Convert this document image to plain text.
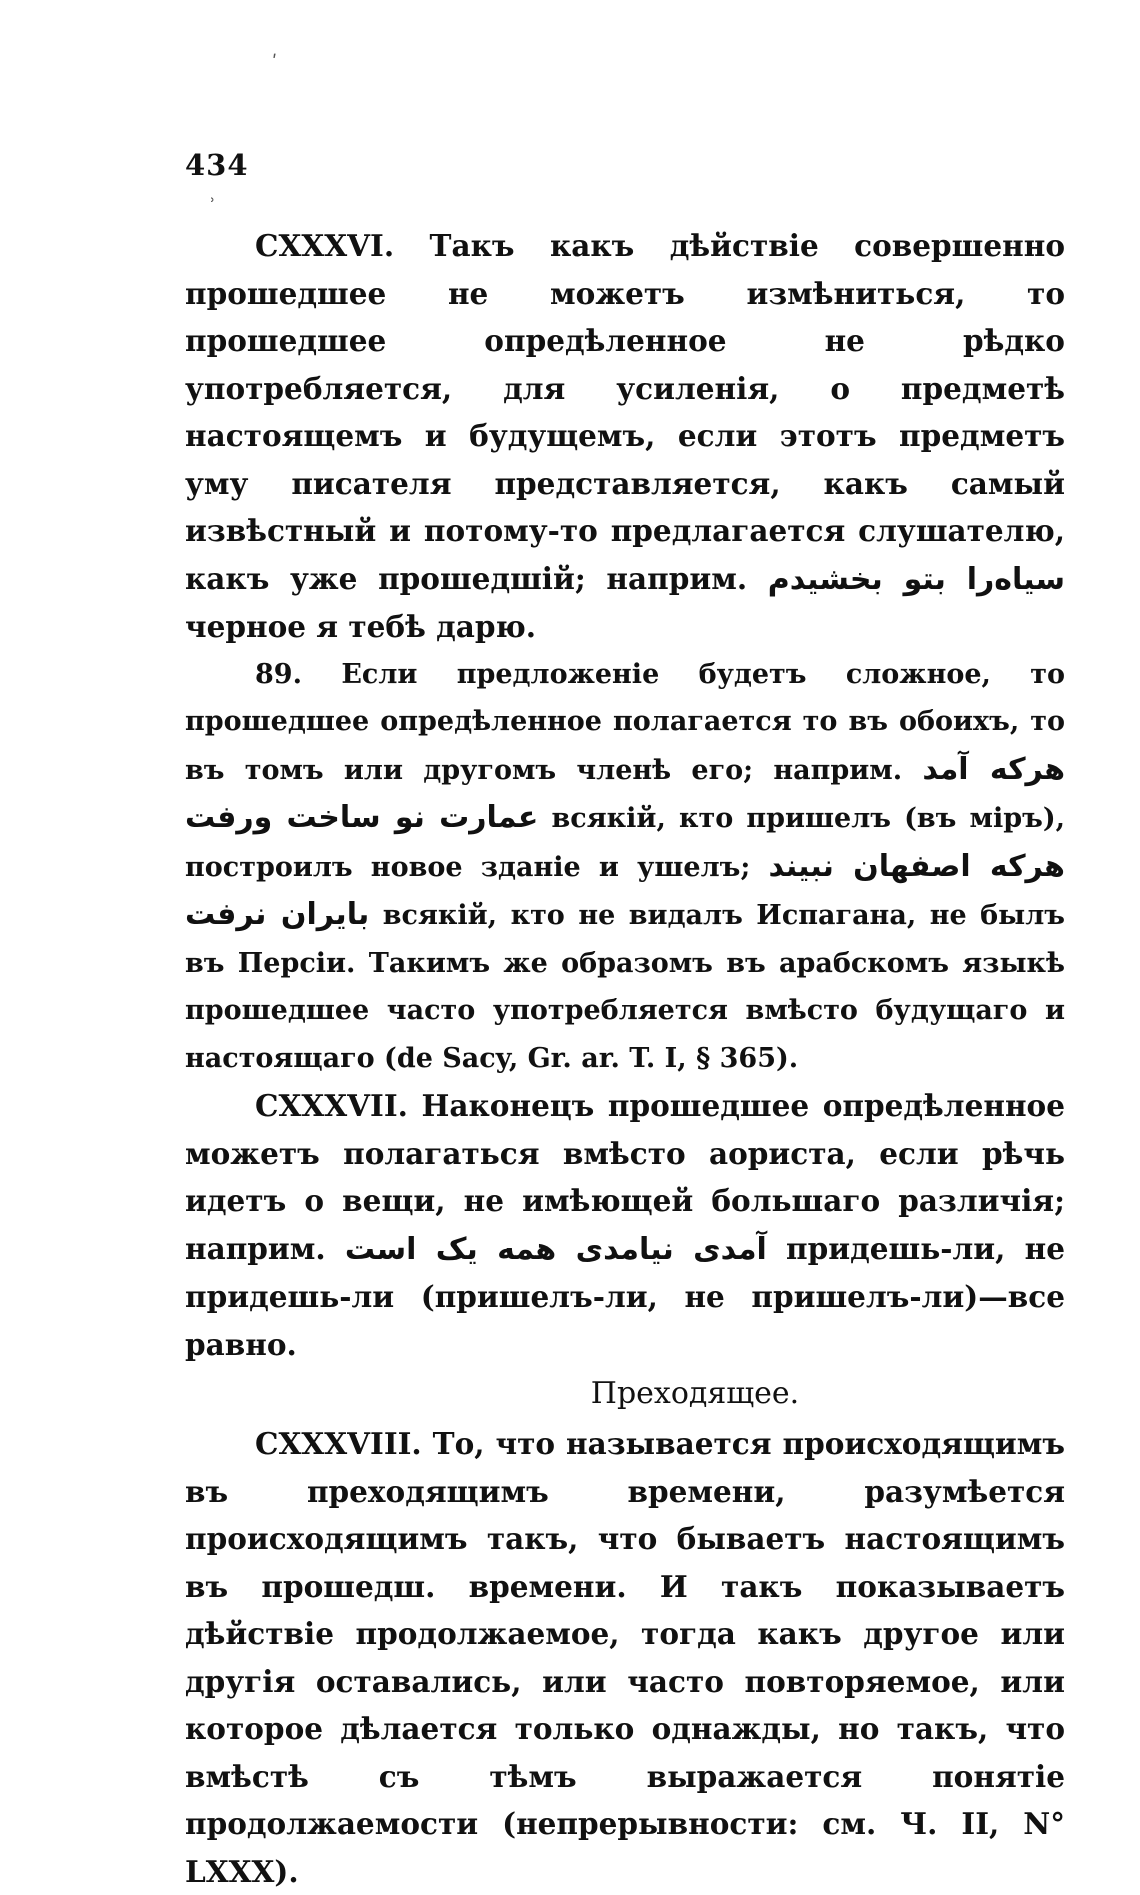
ʹ
ʾ
434

CXXXVI. Такъ какъ дѣйствіе совершенно прошедшее не можетъ измѣниться, то прошедшее опредѣленное не рѣдко употребляется, для усиленія, о предметѣ настоящемъ и будущемъ, если этотъ предметъ уму писателя представляется, какъ самый извѣстный и потому-то предлагается слушателю, какъ уже прошедшій; наприм. سیاه‌را بتو بخشیدم черное я тебѣ дарю.

89. Если предложеніе будетъ сложное, то прошедшее опредѣленное полагается то въ обоихъ, то въ томъ или другомъ членѣ его; наприм. هرکه آمد عمارت نو ساخت ورفت всякій, кто пришелъ (въ міръ), построилъ новое зданіе и ушелъ; هرکه اصفهان نبیند بایران نرفت всякій, кто не видалъ Испагана, не былъ въ Персіи. Такимъ же образомъ въ арабскомъ языкѣ прошедшее часто употребляется вмѣсто будущаго и настоящаго (de Sacy, Gr. ar. T. I, § 365).

CXXXVII. Наконецъ прошедшее опредѣленное можетъ полагаться вмѣсто аориста, если рѣчь идетъ о вещи, не имѣющей большаго различія; наприм. آمدی نیامدی همه یک است придешь-ли, не придешь-ли (пришелъ-ли, не пришелъ-ли)—все равно.

Преходящее.

CXXXVIII. То, что называется происходящимъ въ преходящимъ времени, разумѣется происходящимъ такъ, что бываетъ настоящимъ въ прошедш. времени. И такъ показываетъ дѣйствіе продолжаемое, тогда какъ другое или другія оставались, или часто повторяемое, или которое дѣлается только однажды, но такъ, что вмѣстѣ съ тѣмъ выражается понятіе продолжаемости (непрерывности: см. Ч. II, N° LXXX).
